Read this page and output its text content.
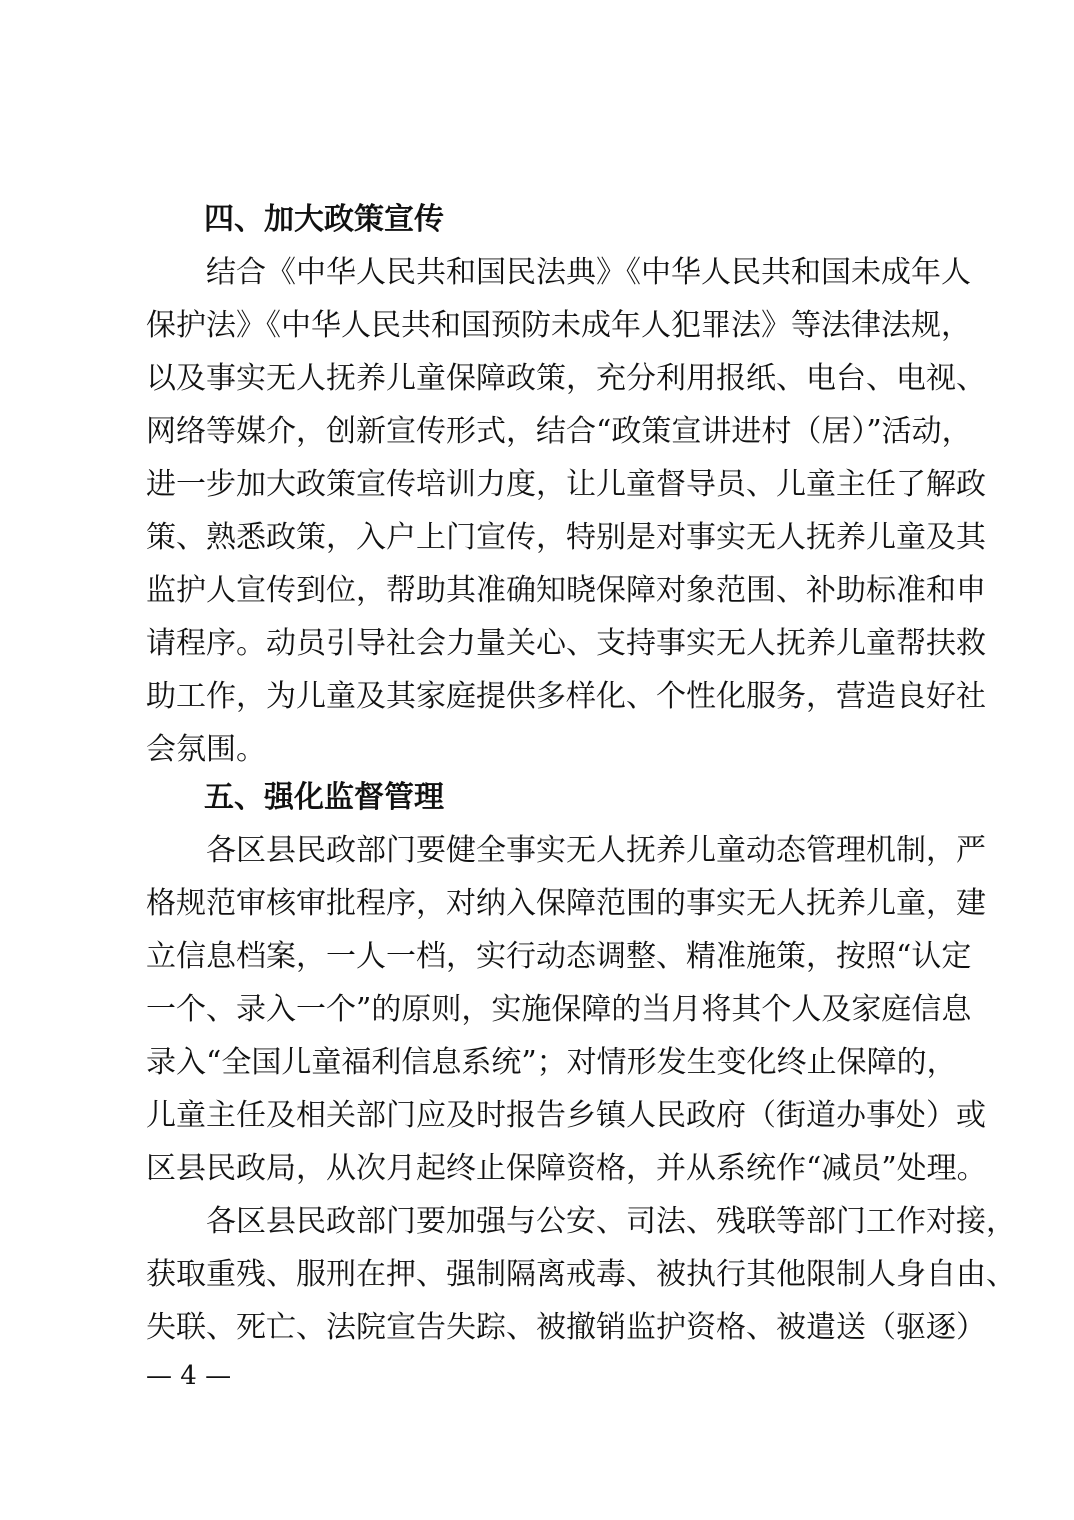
四、加大政策宣传
结合《中华人民共和国民法典》《中华人民共和国未成年人
保护法》《中华人民共和国预防未成年人犯罪法》等法律法规，
以及事实无人抚养儿童保障政策，充分利用报纸、电台、电视、
网络等媒介，创新宣传形式，结合“政策宣讲进村（居）”活动，
进一步加大政策宣传培训力度，让儿童督导员、儿童主任了解政
策、熟悉政策，入户上门宣传，特别是对事实无人抚养儿童及其
监护人宣传到位，帮助其准确知晓保障对象范围、补助标准和申
请程序。动员引导社会力量关心、支持事实无人抚养儿童帮扶救
助工作，为儿童及其家庭提供多样化、个性化服务，营造良好社
会氛围。
五、强化监督管理
各区县民政部门要健全事实无人抚养儿童动态管理机制，严
格规范审核审批程序，对纳入保障范围的事实无人抚养儿童，建
立信息档案，一人一档，实行动态调整、精准施策，按照“认定
一个、录入一个”的原则，实施保障的当月将其个人及家庭信息
录入“全国儿童福利信息系统”；对情形发生变化终止保障的，
儿童主任及相关部门应及时报告乡镇人民政府（街道办事处）或
区县民政局，从次月起终止保障资格，并从系统作“减员”处理。
各区县民政部门要加强与公安、司法、残联等部门工作对接，
获取重残、服刑在押、强制隔离戒毒、被执行其他限制人身自由、
失联、死亡、法院宣告失踪、被撤销监护资格、被遣送（驱逐）
— 4 —
